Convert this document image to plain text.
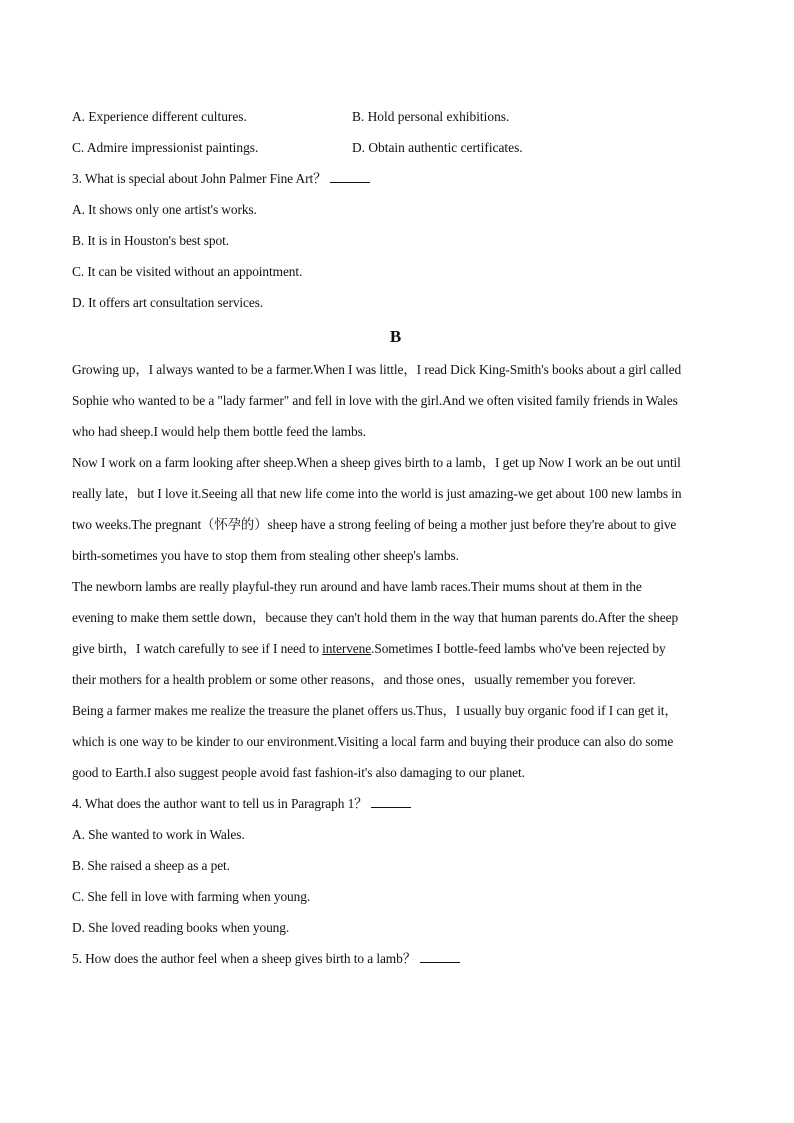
A. Experience different cultures.	B. Hold personal exhibitions.
C. Admire impressionist paintings.	D. Obtain authentic certificates.
3. What is special about John Palmer Fine Art？
A. It shows only one artist's works.
B. It is in Houston's best spot.
C. It can be visited without an appointment.
D. It offers art consultation services.
B
Growing up，I always wanted to be a farmer.When I was little，I read Dick King-Smith's books about a girl called
Sophie who wanted to be a "lady farmer" and fell in love with the girl.And we often visited family friends in Wales
who had sheep.I would help them bottle feed the lambs.
Now I work on a farm looking after sheep.When a sheep gives birth to a lamb，I get up Now I work an be out until
really late，but I love it.Seeing all that new life come into the world is just amazing-we get about 100 new lambs in
two weeks.The pregnant（怀孕的）sheep have a strong feeling of being a mother just before they're about to give
birth-sometimes you have to stop them from stealing other sheep's lambs.
The newborn lambs are really playful-they run around and have lamb races.Their mums shout at them in the
evening to make them settle down，because they can't hold them in the way that human parents do.After the sheep
give birth，I watch carefully to see if I need to intervene.Sometimes I bottle-feed lambs who've been rejected by
their mothers for a health problem or some other reasons，and those ones，usually remember you forever.
Being a farmer makes me realize the treasure the planet offers us.Thus，I usually buy organic food if I can get it，
which is one way to be kinder to our environment.Visiting a local farm and buying their produce can also do some
good to Earth.I also suggest people avoid fast fashion-it's also damaging to our planet.
4. What does the author want to tell us in Paragraph 1？
A. She wanted to work in Wales.
B. She raised a sheep as a pet.
C. She fell in love with farming when young.
D. She loved reading books when young.
5. How does the author feel when a sheep gives birth to a lamb？
